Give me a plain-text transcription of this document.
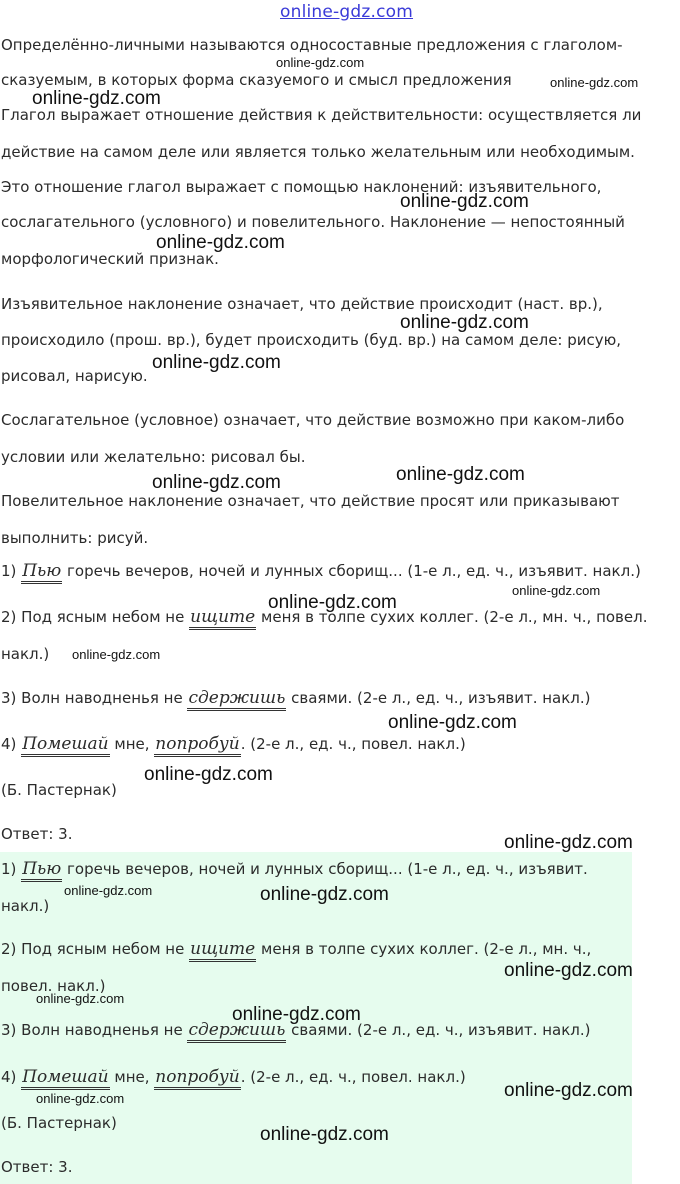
online-gdz.com
Определённо-личными называются односоставные предложения с глаголом-
сказуемым, в которых форма сказуемого и смысл предложения
Глагол выражает отношение действия к действительности: осуществляется ли
действие на самом деле или является только желательным или необходимым.
Это отношение глагол выражает с помощью наклонений: изъявительного,
сослагательного (условного) и повелительного. Наклонение — непостоянный
морфологический признак.
Изъявительное наклонение означает, что действие происходит (наст. вр.),
происходило (прош. вр.), будет происходить (буд. вр.) на самом деле: рисую,
рисовал, нарисую.
Сослагательное (условное) означает, что действие возможно при каком-либо
условии или желательно: рисовал бы.
Повелительное наклонение означает, что действие просят или приказывают
выполнить: рисуй.
1) Пью горечь вечеров, ночей и лунных сборищ... (1-е л., ед. ч., изъявит. накл.)
2) Под ясным небом не ищите меня в толпе сухих коллег. (2-е л., мн. ч., повел.
накл.)
3) Волн наводненья не сдержишь сваями. (2-е л., ед. ч., изъявит. накл.)
4) Помешай мне, попробуй. (2-е л., ед. ч., повел. накл.)
(Б. Пастернак)
Ответ: 3.
1) Пью горечь вечеров, ночей и лунных сборищ... (1-е л., ед. ч., изъявит.
накл.)
2) Под ясным небом не ищите меня в толпе сухих коллег. (2-е л., мн. ч.,
повел. накл.)
3) Волн наводненья не сдержишь сваями. (2-е л., ед. ч., изъявит. накл.)
4) Помешай мне, попробуй. (2-е л., ед. ч., повел. накл.)
(Б. Пастернак)
Ответ: 3.
online-gdz.com
online-gdz.com
online-gdz.com
online-gdz.com
online-gdz.com
online-gdz.com
online-gdz.com
online-gdz.com
online-gdz.com
online-gdz.com
online-gdz.com
online-gdz.com
online-gdz.com
online-gdz.com
online-gdz.com
online-gdz.com	online-gdz.com
online-gdz.com
online-gdz.com
online-gdz.com
online-gdz.com
online-gdz.com
online-gdz.com
